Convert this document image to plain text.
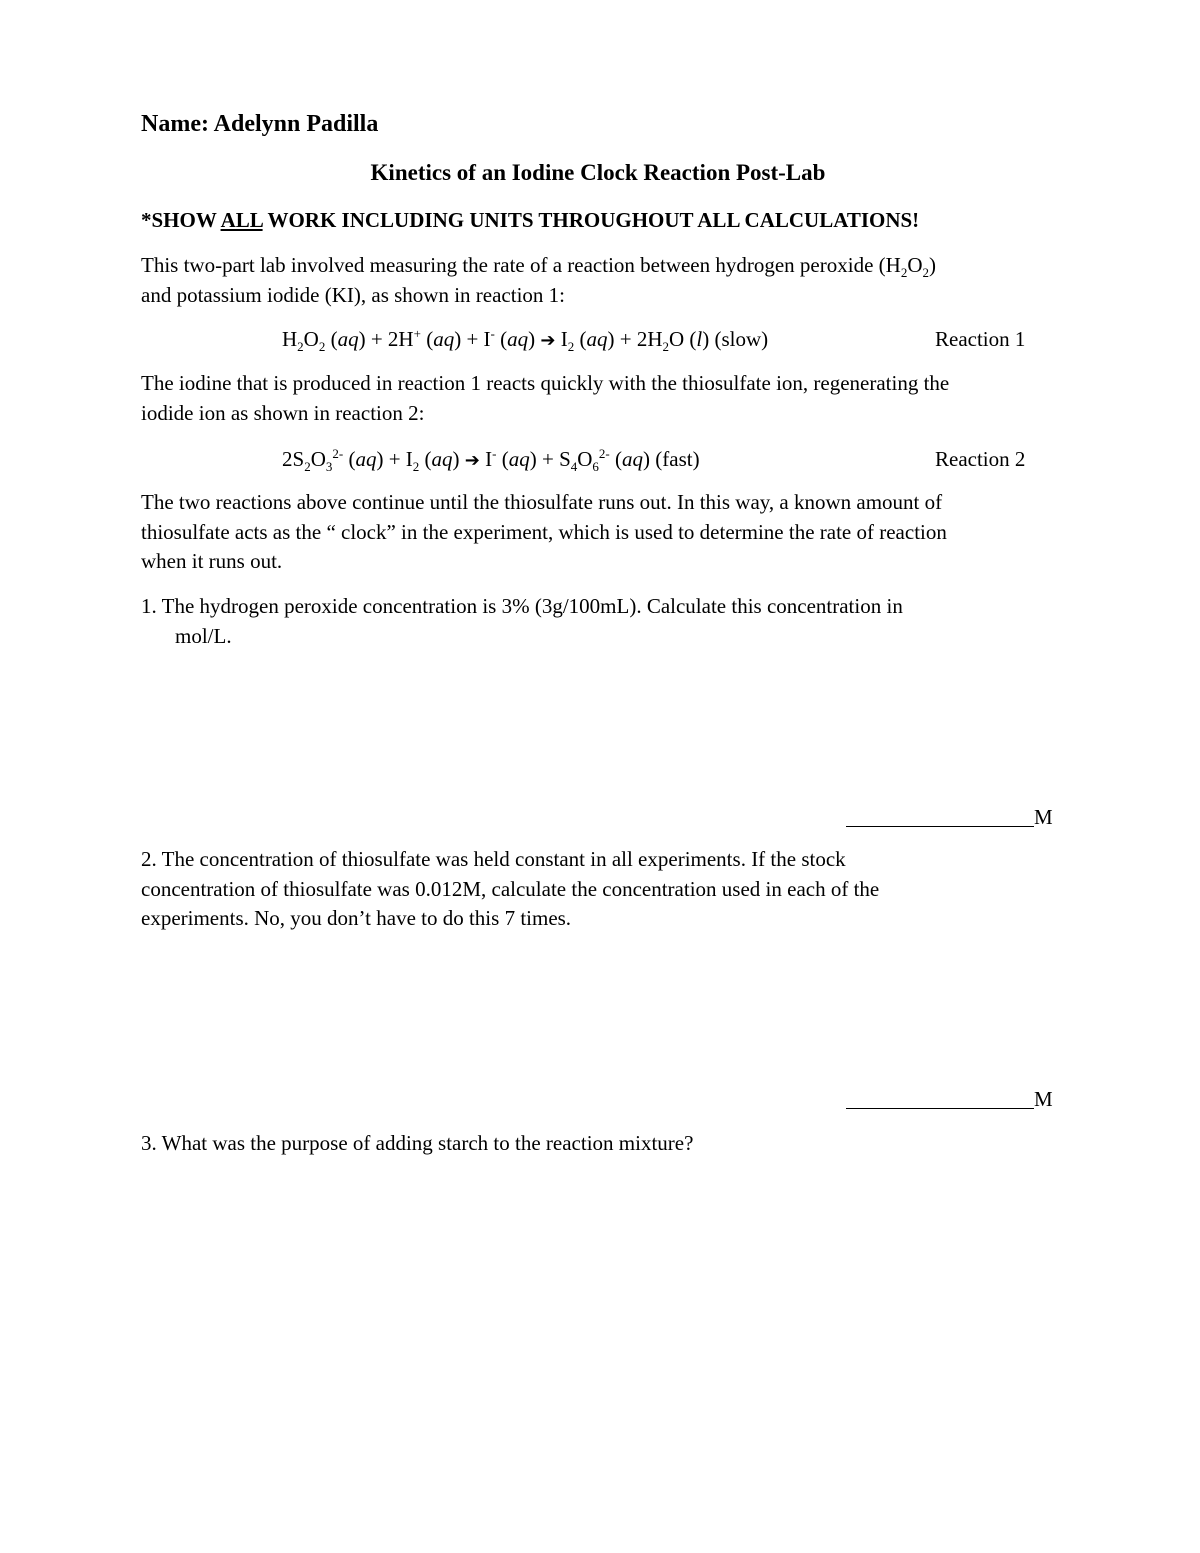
Name: Adelynn Padilla
Kinetics of an Iodine Clock Reaction Post-Lab
*SHOW ALL WORK INCLUDING UNITS THROUGHOUT ALL CALCULATIONS!
This two-part lab involved measuring the rate of a reaction between hydrogen peroxide $(H_2O_2)$
and potassium iodide (KI), as shown in reaction 1:
$H_2O_2$ (aq) + 2H+ (aq) + I- (aq) ➔ $I_2$ $(aq) + 2H_2O$ (l) (slow)	Reaction 1
The iodine that is produced in reaction 1 reacts quickly with the thiosulfate ion, regenerating the
iodide ion as shown in reaction 2:
$2S_2O_3^{2-}$ $(aq) + I_2$ (aq) ➔ I- $(aq) + S_4O_6^{2-}$ (aq) (fast)	Reaction 2
The two reactions above continue until the thiosulfate runs out. In this way, a known amount of
thiosulfate acts as the “ clock” in the experiment, which is used to determine the rate of reaction
when it runs out.
1. The hydrogen peroxide concentration is 3% (3g/100mL). Calculate this concentration in
mol/L.
M
2. The concentration of thiosulfate was held constant in all experiments. If the stock
concentration of thiosulfate was 0.012M, calculate the concentration used in each of the
experiments. No, you don’t have to do this 7 times.
M
3. What was the purpose of adding starch to the reaction mixture?
